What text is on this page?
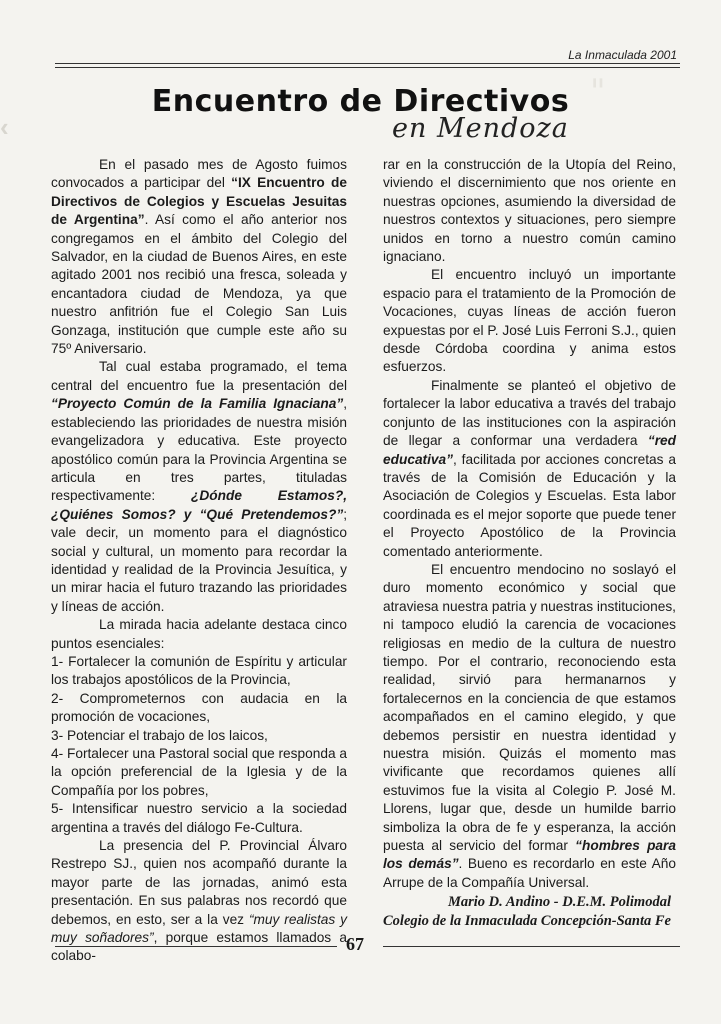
La Inmaculada 2001
‹
"
Encuentro de Directivos
en Mendoza

En el pasado mes de Agosto fuimos convocados a participar del “IX Encuentro de Directivos de Colegios y Escuelas Jesuitas de Argentina”. Así como el año anterior nos congregamos en el ámbito del Colegio del Salvador, en la ciudad de Buenos Aires, en este agitado 2001 nos recibió una fresca, soleada y encantadora ciudad de Mendoza, ya que nuestro anfitrión fue el Colegio San Luis Gonzaga, institución que cumple este año su 75º Aniversario.

Tal cual estaba programado, el tema central del encuentro fue la presentación del “Proyecto Común de la Familia Ignaciana”, estableciendo las prioridades de nuestra misión evangelizadora y educativa. Este proyecto apostólico común para la Provincia Argentina se articula en tres partes, tituladas respectivamente: ¿Dónde Estamos?, ¿Quiénes Somos? y “Qué Pretendemos?”; vale decir, un momento para el diagnóstico social y cultural, un momento para recordar la identidad y realidad de la Provincia Jesuítica, y un mirar hacia el futuro trazando las prioridades y líneas de acción.

La mirada hacia adelante destaca cinco puntos esenciales:

1- Fortalecer la comunión de Espíritu y articular los trabajos apostólicos de la Provincia,

2- Comprometernos con audacia en la promoción de vocaciones,

3- Potenciar el trabajo de los laicos,

4- Fortalecer una Pastoral social que responda a la opción preferencial de la Iglesia y de la Compañía por los pobres,

5- Intensificar nuestro servicio a la sociedad argentina a través del diálogo Fe-Cultura.

La presencia del P. Provincial Álvaro Restrepo SJ., quien nos acompañó durante la mayor parte de las jornadas, animó esta presentación. En sus palabras nos recordó que debemos, en esto, ser a la vez “muy realistas y muy soñadores”, porque estamos llamados a colabo-

rar en la construcción de la Utopía del Reino, viviendo el discernimiento que nos oriente en nuestras opciones, asumiendo la diversidad de nuestros contextos y situaciones, pero siempre unidos en torno a nuestro común camino ignaciano.

El encuentro incluyó un importante espacio para el tratamiento de la Promoción de Vocaciones, cuyas líneas de acción fueron expuestas por el P. José Luis Ferroni S.J., quien desde Córdoba coordina y anima estos esfuerzos.

Finalmente se planteó el objetivo de fortalecer la labor educativa a través del trabajo conjunto de las instituciones con la aspiración de llegar a conformar una verdadera “red educativa”, facilitada por acciones concretas a través de la Comisión de Educación y la Asociación de Colegios y Escuelas. Esta labor coordinada es el mejor soporte que puede tener el Proyecto Apostólico de la Provincia comentado anteriormente.

El encuentro mendocino no soslayó el duro momento económico y social que atraviesa nuestra patria y nuestras instituciones, ni tampoco eludió la carencia de vocaciones religiosas en medio de la cultura de nuestro tiempo. Por el contrario, reconociendo esta realidad, sirvió para hermanarnos y fortalecernos en la conciencia de que estamos acompañados en el camino elegido, y que debemos persistir en nuestra identidad y nuestra misión. Quizás el momento mas vivificante que recordamos quienes allí estuvimos fue la visita al Colegio P. José M. Llorens, lugar que, desde un humilde barrio simboliza la obra de fe y esperanza, la acción puesta al servicio del formar “hombres para los demás”. Bueno es recordarlo en este Año Arrupe de la Compañía Universal.

Mario D. Andino - D.E.M. Polimodal
Colegio de la Inmaculada Concepción-Santa Fe
67
